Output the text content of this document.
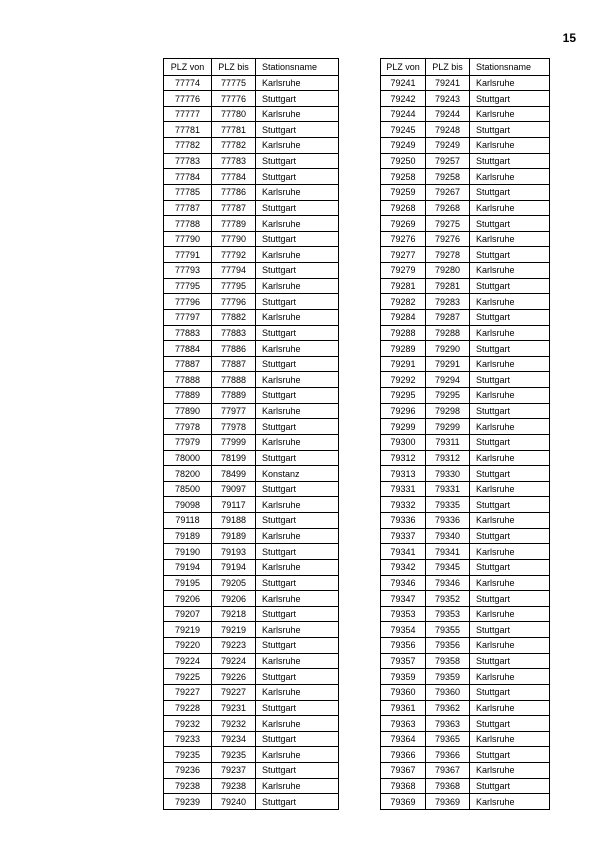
15
PLZ von	PLZ bis	Stationsname
77774	77775	Karlsruhe
77776	77776	Stuttgart
77777	77780	Karlsruhe
77781	77781	Stuttgart
77782	77782	Karlsruhe
77783	77783	Stuttgart
77784	77784	Stuttgart
77785	77786	Karlsruhe
77787	77787	Stuttgart
77788	77789	Karlsruhe
77790	77790	Stuttgart
77791	77792	Karlsruhe
77793	77794	Stuttgart
77795	77795	Karlsruhe
77796	77796	Stuttgart
77797	77882	Karlsruhe
77883	77883	Stuttgart
77884	77886	Karlsruhe
77887	77887	Stuttgart
77888	77888	Karlsruhe
77889	77889	Stuttgart
77890	77977	Karlsruhe
77978	77978	Stuttgart
77979	77999	Karlsruhe
78000	78199	Stuttgart
78200	78499	Konstanz
78500	79097	Stuttgart
79098	79117	Karlsruhe
79118	79188	Stuttgart
79189	79189	Karlsruhe
79190	79193	Stuttgart
79194	79194	Karlsruhe
79195	79205	Stuttgart
79206	79206	Karlsruhe
79207	79218	Stuttgart
79219	79219	Karlsruhe
79220	79223	Stuttgart
79224	79224	Karlsruhe
79225	79226	Stuttgart
79227	79227	Karlsruhe
79228	79231	Stuttgart
79232	79232	Karlsruhe
79233	79234	Stuttgart
79235	79235	Karlsruhe
79236	79237	Stuttgart
79238	79238	Karlsruhe
79239	79240	Stuttgart
PLZ von	PLZ bis	Stationsname
79241	79241	Karlsruhe
79242	79243	Stuttgart
79244	79244	Karlsruhe
79245	79248	Stuttgart
79249	79249	Karlsruhe
79250	79257	Stuttgart
79258	79258	Karlsruhe
79259	79267	Stuttgart
79268	79268	Karlsruhe
79269	79275	Stuttgart
79276	79276	Karlsruhe
79277	79278	Stuttgart
79279	79280	Karlsruhe
79281	79281	Stuttgart
79282	79283	Karlsruhe
79284	79287	Stuttgart
79288	79288	Karlsruhe
79289	79290	Stuttgart
79291	79291	Karlsruhe
79292	79294	Stuttgart
79295	79295	Karlsruhe
79296	79298	Stuttgart
79299	79299	Karlsruhe
79300	79311	Stuttgart
79312	79312	Karlsruhe
79313	79330	Stuttgart
79331	79331	Karlsruhe
79332	79335	Stuttgart
79336	79336	Karlsruhe
79337	79340	Stuttgart
79341	79341	Karlsruhe
79342	79345	Stuttgart
79346	79346	Karlsruhe
79347	79352	Stuttgart
79353	79353	Karlsruhe
79354	79355	Stuttgart
79356	79356	Karlsruhe
79357	79358	Stuttgart
79359	79359	Karlsruhe
79360	79360	Stuttgart
79361	79362	Karlsruhe
79363	79363	Stuttgart
79364	79365	Karlsruhe
79366	79366	Stuttgart
79367	79367	Karlsruhe
79368	79368	Stuttgart
79369	79369	Karlsruhe
